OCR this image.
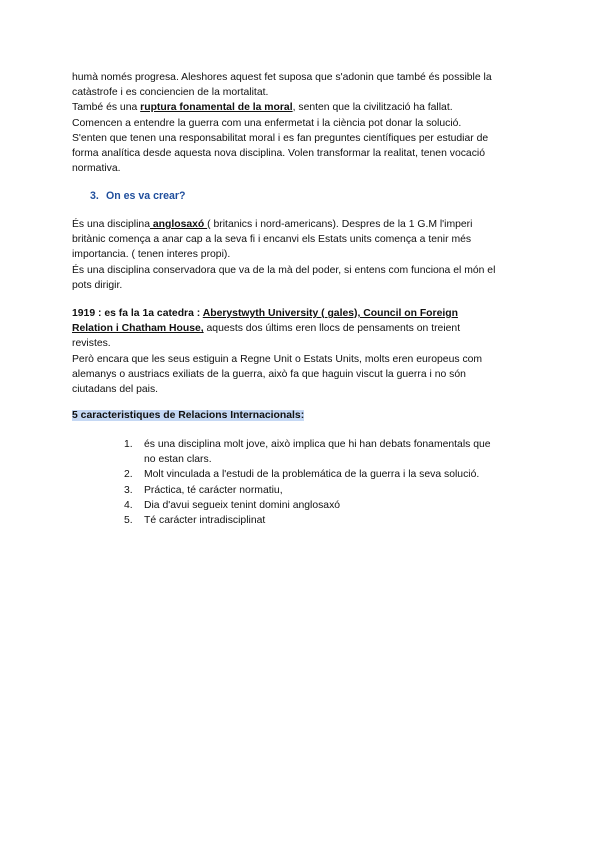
humà només progresa. Aleshores aquest fet suposa que s'adonin que també és possible la
catàstrofe i es conciencien de la mortalitat.
També és una ruptura fonamental de la moral, senten que la civilització ha fallat.
Comencen a entendre la guerra com una enfermetat i la ciència pot donar la solució.
S'enten que tenen una responsabilitat moral i es fan preguntes científiques per estudiar de
forma analítica desde aquesta nova disciplina. Volen transformar la realitat, tenen vocació
normativa.
3. On es va crear?
És una disciplina anglosaxó ( britanics i nord-americans). Despres de la 1 G.M l'imperi
britànic comença a anar cap a la seva fi i encanvi els Estats units comença a tenir més
importancia. ( tenen interes propi).
És una disciplina conservadora que va de la mà del poder, si entens com funciona el món el
pots dirigir.
1919 : es fa la 1a catedra : Aberystwyth University ( gales), Council on Foreign
Relation i Chatham House, aquests dos últims eren llocs de pensaments on treient
revistes.
Però encara que les seus estiguin a Regne Unit o Estats Units, molts eren europeus com
alemanys o austriacs exiliats de la guerra, això fa que haguin viscut la guerra i no són
ciutadans del pais.
5 caracteristiques de Relacions Internacionals:
1. és una disciplina molt jove, això implica que hi han debats fonamentals que
no estan clars.
2. Molt vinculada a l'estudi de la problemática de la guerra i la seva solució.
3. Práctica, té carácter normatiu,
4. Dia d'avui segueix tenint domini anglosaxó
5. Té carácter intradisciplinat
